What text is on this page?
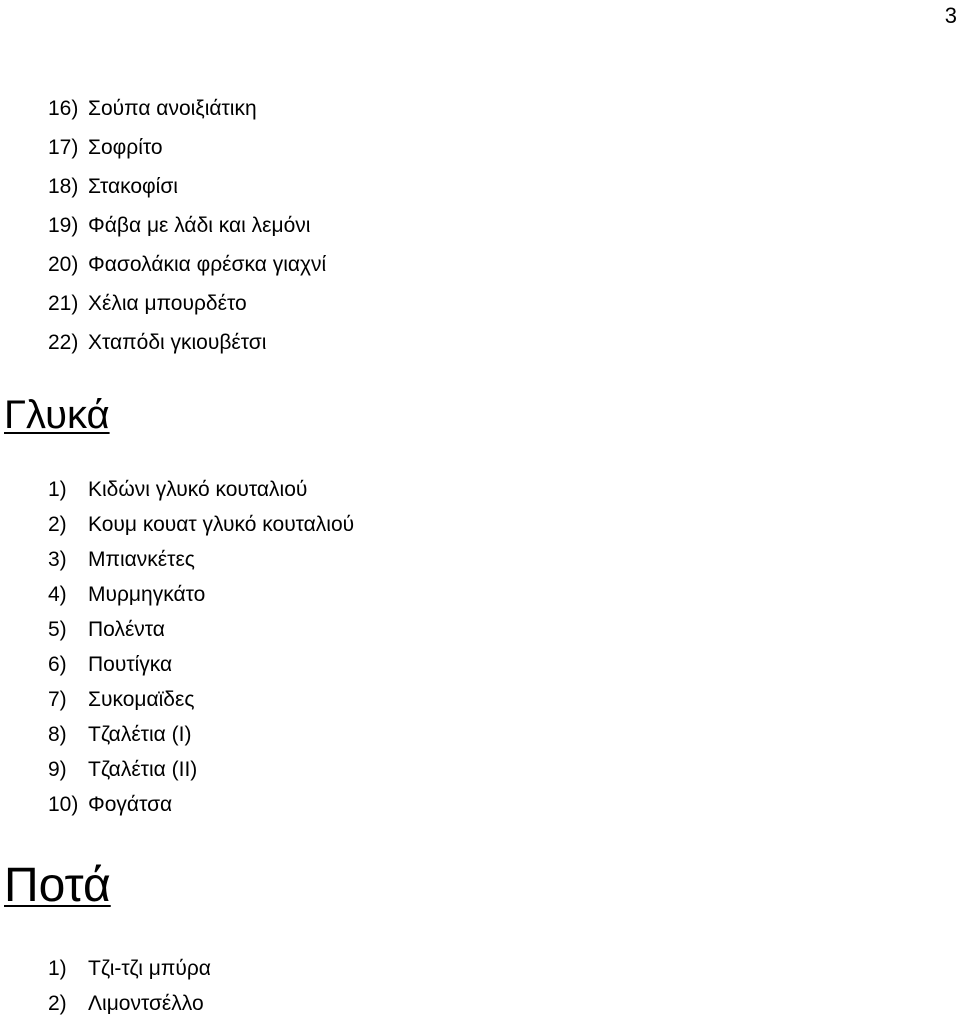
3
16) Σούπα ανοιξιάτικη
17) Σοφρίτο
18) Στακοφίσι
19) Φάβα με λάδι και λεμόνι
20) Φασολάκια φρέσκα γιαχνί
21) Χέλια μπουρδέτο
22) Χταπόδι γκιουβέτσι
Γλυκά
1)	Κιδώνι γλυκό κουταλιού
2)	Κουμ κουατ γλυκό κουταλιού
3)	Μπιανκέτες
4)	Μυρμηγκάτο
5)	Πολέντα
6)	Πουτίγκα
7)	Συκομαϊδες
8)	Τζαλέτια (Ι)
9)	Τζαλέτια (ΙΙ)
10) Φογάτσα
Ποτά
1)	Τζι-τζι μπύρα
2)	Λιμοντσέλλο
